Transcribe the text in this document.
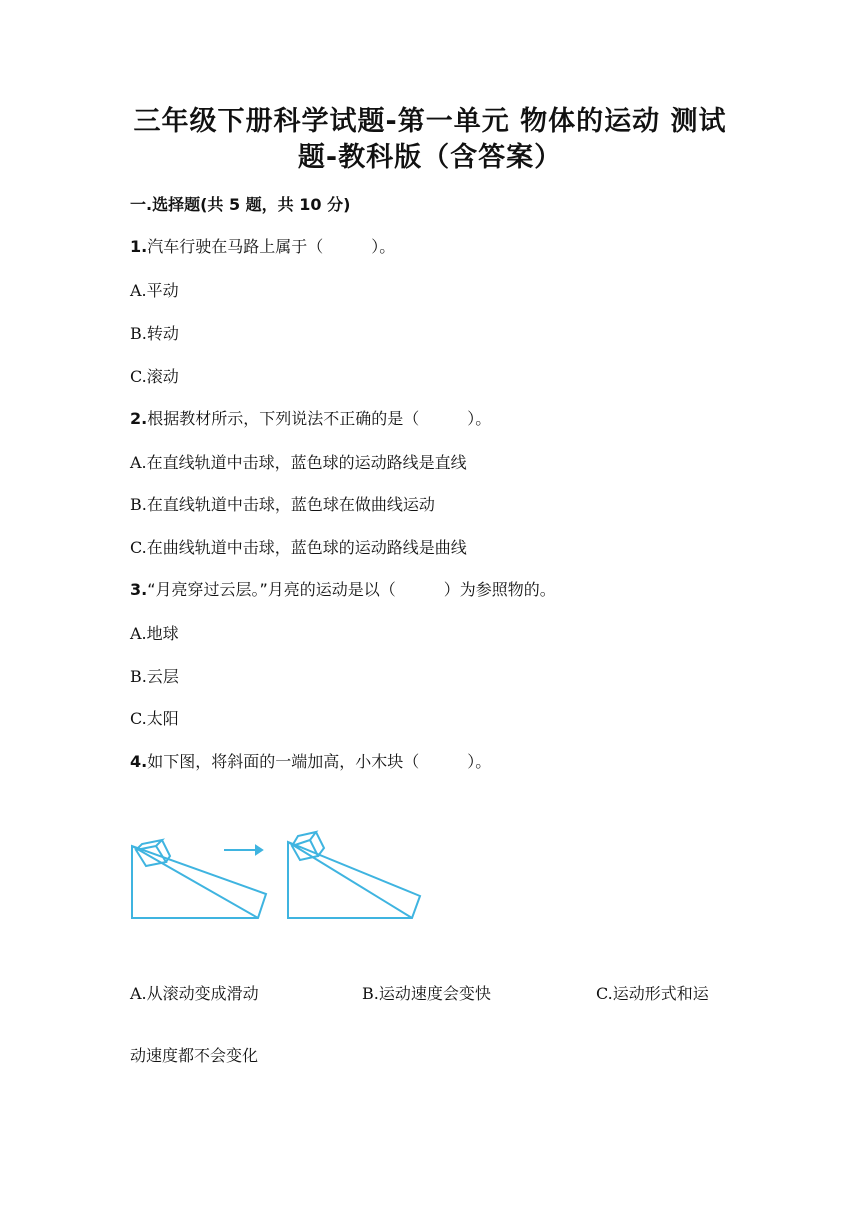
三年级下册科学试题-第一单元 物体的运动 测试
题-教科版（含答案）
一.选择题(共 5 题，共 10 分)
1.汽车行驶在马路上属于（　　　）。
A.平动
B.转动
C.滚动
2.根据教材所示，下列说法不正确的是（　　　）。
A.在直线轨道中击球，蓝色球的运动路线是直线
B.在直线轨道中击球，蓝色球在做曲线运动
C.在曲线轨道中击球，蓝色球的运动路线是曲线
3.“月亮穿过云层。”月亮的运动是以（　　　）为参照物的。
A.地球
B.云层
C.太阳
4.如下图，将斜面的一端加高，小木块（　　　）。
A.从滚动变成滑动	B.运动速度会变快	C.运动形式和运
动速度都不会变化
